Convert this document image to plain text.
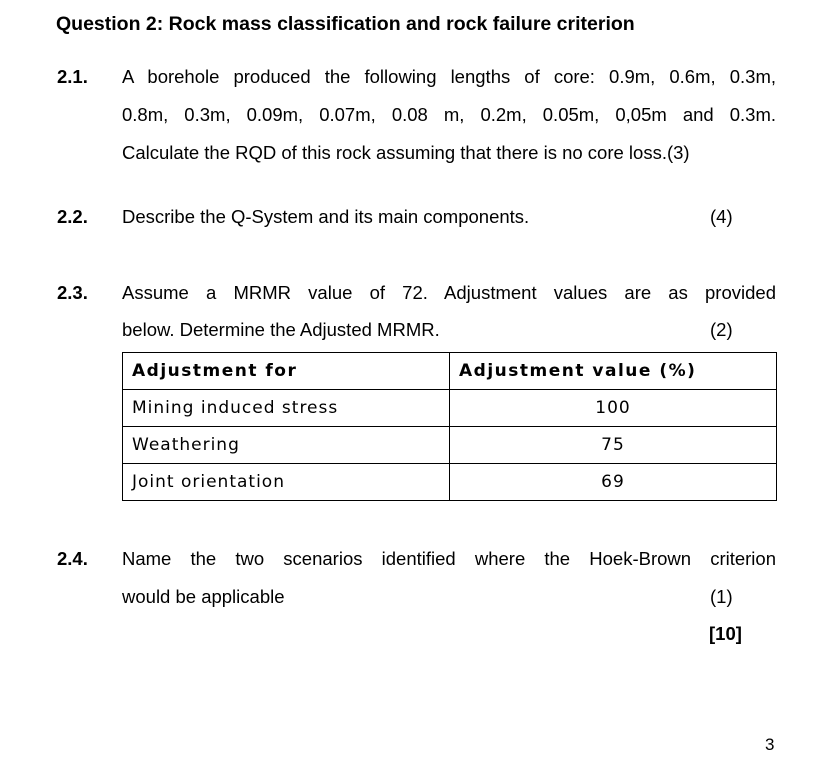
Question 2: Rock mass classification and rock failure criterion
2.1. A borehole produced the following lengths of core: 0.9m, 0.6m, 0.3m,
0.8m, 0.3m, 0.09m, 0.07m, 0.08 m, 0.2m, 0.05m, 0,05m and 0.3m.
Calculate the RQD of this rock assuming that there is no core loss.(3)
2.2. Describe the Q-System and its main components.	(4)
2.3. Assume a MRMR value of 72. Adjustment values are as provided
below. Determine the Adjusted MRMR.	(2)
Adjustment for	Adjustment value (%)
Mining induced stress	100
Weathering	75
Joint orientation	69
2.4. Name the two scenarios identified where the Hoek-Brown criterion
would be applicable	(1)
[10]
3
